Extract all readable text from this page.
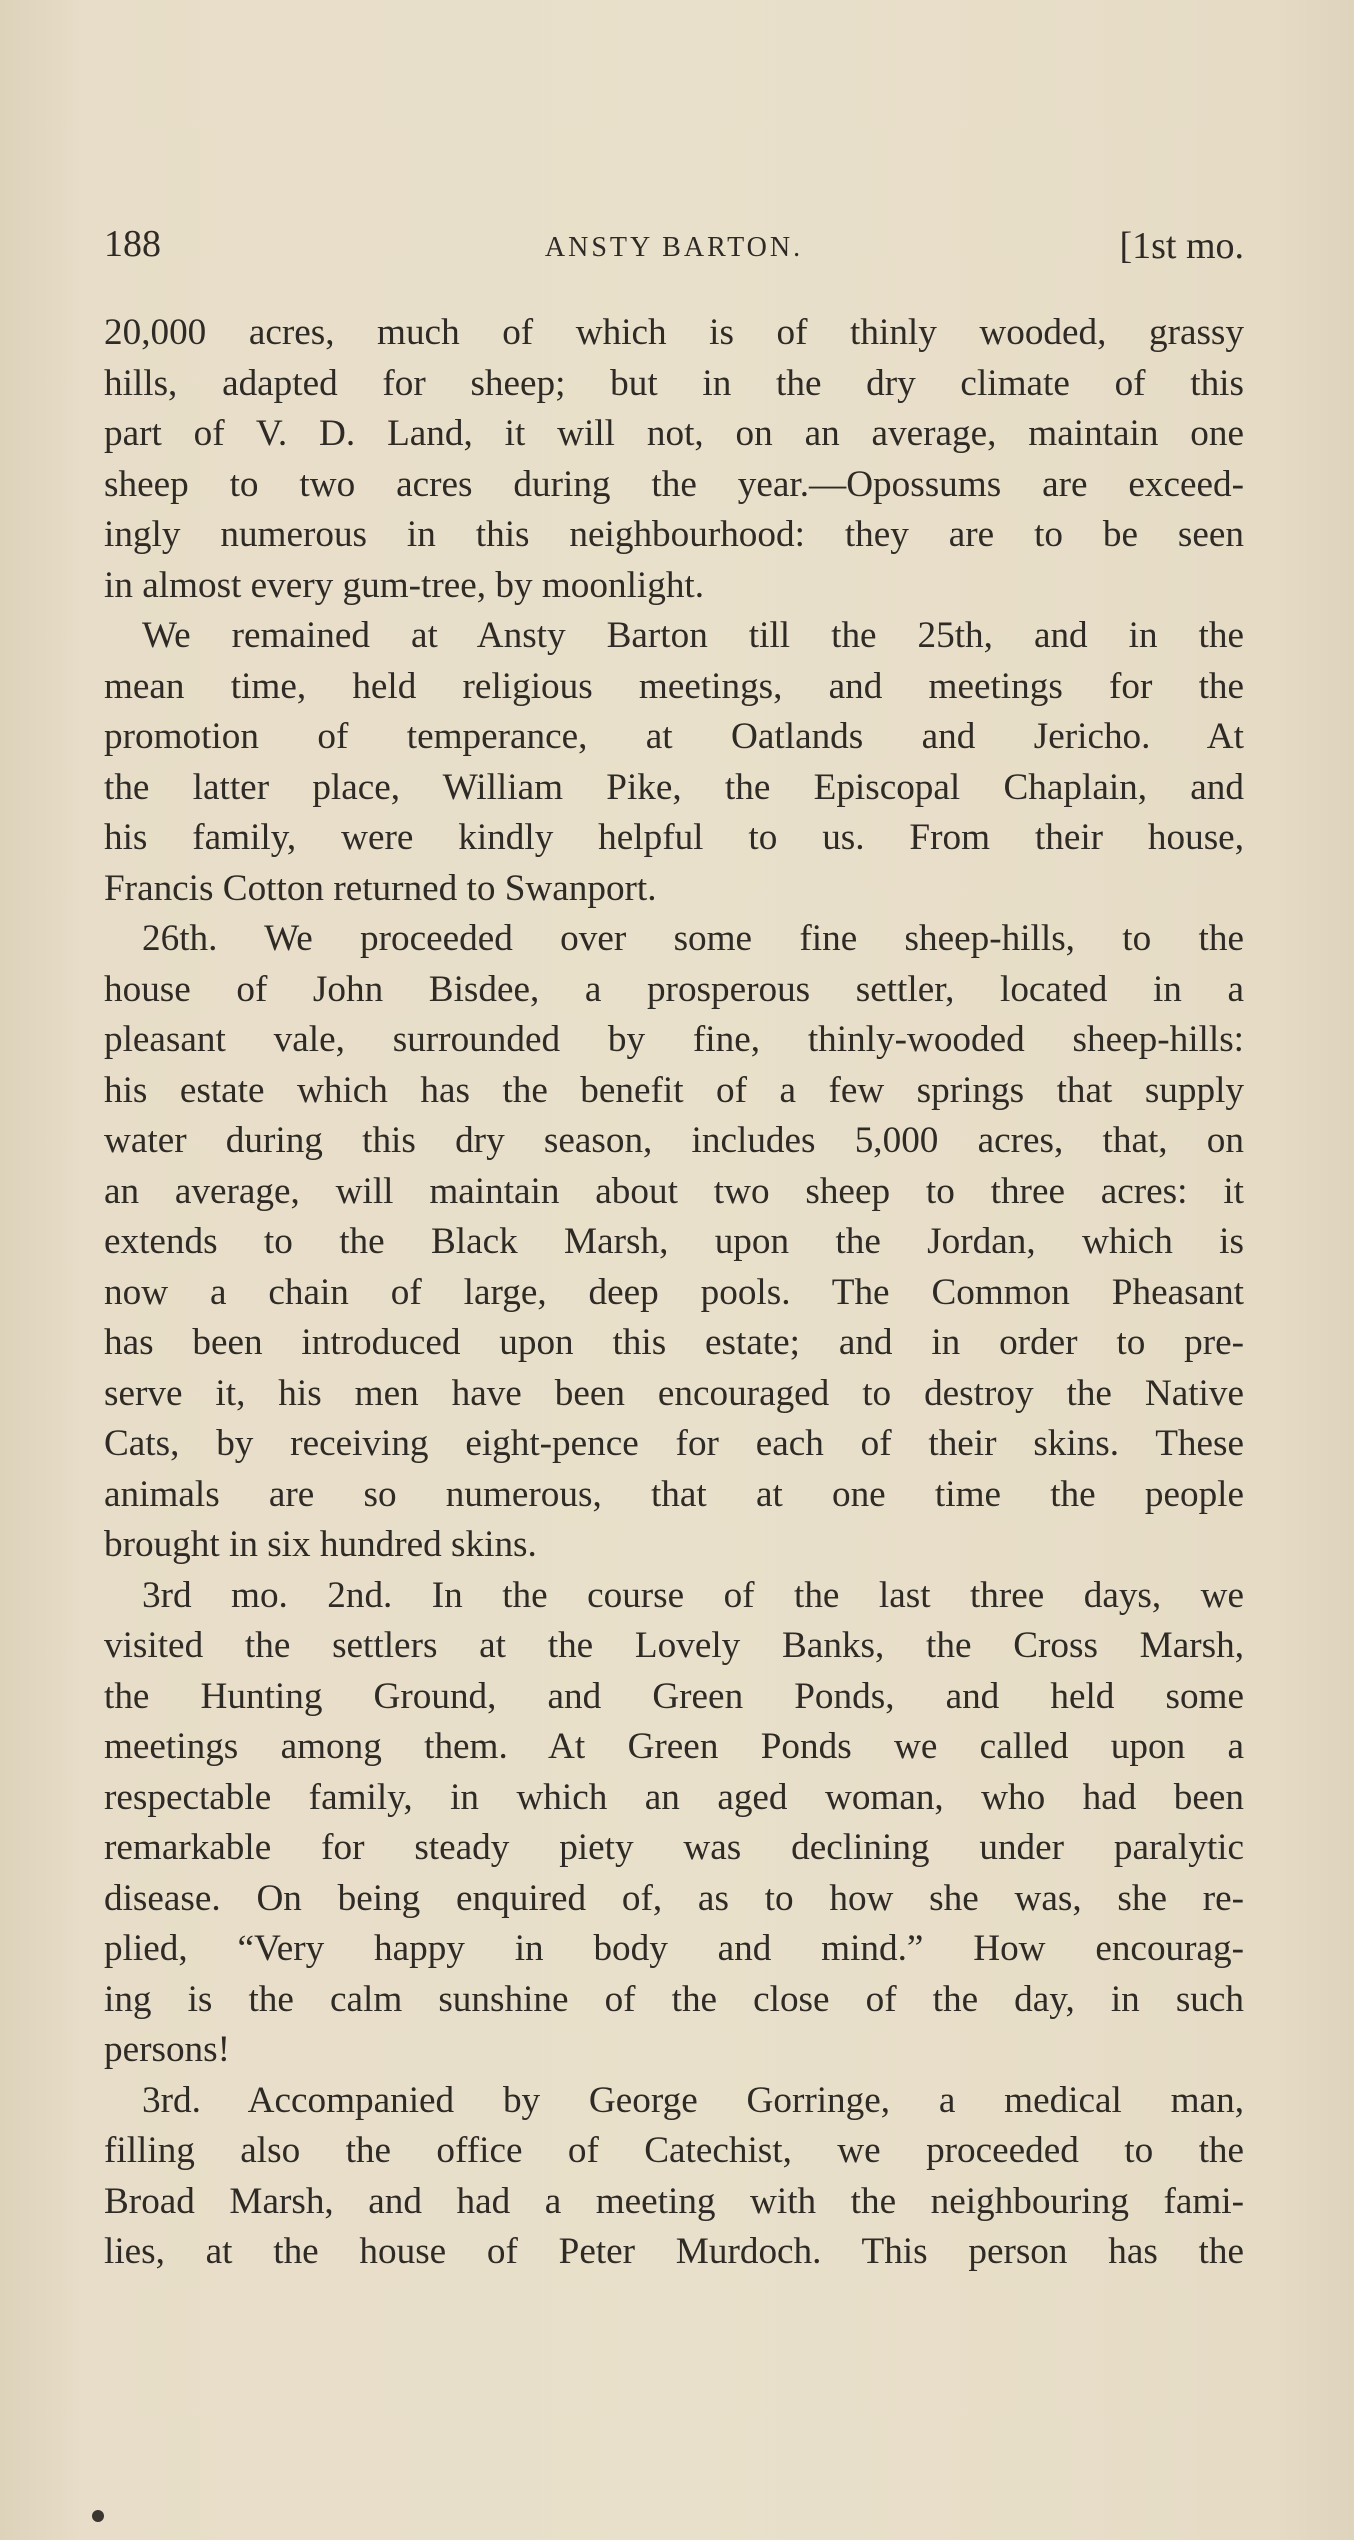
188	ANSTY BARTON.	[1st mo.
20,000 acres, much of which is of thinly wooded, grassy
hills, adapted for sheep; but in the dry climate of this
part of V. D. Land, it will not, on an average, maintain one
sheep to two acres during the year.—Opossums are exceed-
ingly numerous in this neighbourhood: they are to be seen
in almost every gum-tree, by moonlight.
We remained at Ansty Barton till the 25th, and in the
mean time, held religious meetings, and meetings for the
promotion of temperance, at Oatlands and Jericho. At
the latter place, William Pike, the Episcopal Chaplain, and
his family, were kindly helpful to us. From their house,
Francis Cotton returned to Swanport.
26th. We proceeded over some fine sheep-hills, to the
house of John Bisdee, a prosperous settler, located in a
pleasant vale, surrounded by fine, thinly-wooded sheep-hills:
his estate which has the benefit of a few springs that supply
water during this dry season, includes 5,000 acres, that, on
an average, will maintain about two sheep to three acres: it
extends to the Black Marsh, upon the Jordan, which is
now a chain of large, deep pools. The Common Pheasant
has been introduced upon this estate; and in order to pre-
serve it, his men have been encouraged to destroy the Native
Cats, by receiving eight-pence for each of their skins. These
animals are so numerous, that at one time the people
brought in six hundred skins.
3rd mo. 2nd. In the course of the last three days, we
visited the settlers at the Lovely Banks, the Cross Marsh,
the Hunting Ground, and Green Ponds, and held some
meetings among them. At Green Ponds we called upon a
respectable family, in which an aged woman, who had been
remarkable for steady piety was declining under paralytic
disease. On being enquired of, as to how she was, she re-
plied, “Very happy in body and mind.” How encourag-
ing is the calm sunshine of the close of the day, in such
persons!
3rd. Accompanied by George Gorringe, a medical man,
filling also the office of Catechist, we proceeded to the
Broad Marsh, and had a meeting with the neighbouring fami-
lies, at the house of Peter Murdoch. This person has the
